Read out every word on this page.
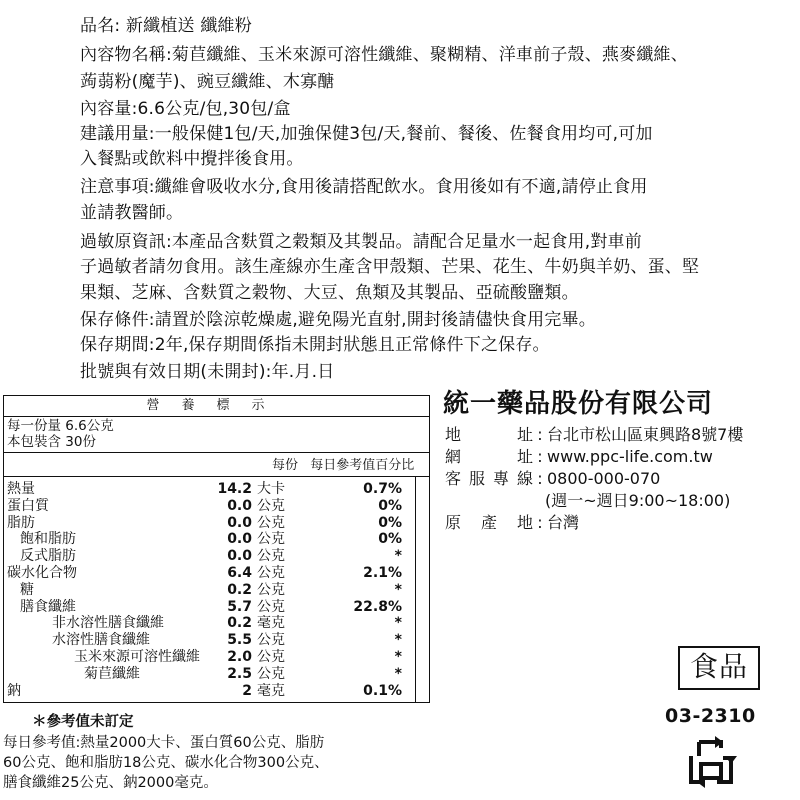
品名: 新纖植送 纖維粉
內容物名稱:菊苣纖維、玉米來源可溶性纖維、聚糊精、洋車前子殼、燕麥纖維、
蒟蒻粉(魔芋)、豌豆纖維、木寡醣
內容量:6.6公克/包,30包/盒
建議用量:一般保健1包/天,加強保健3包/天,餐前、餐後、佐餐食用均可,可加
入餐點或飲料中攪拌後食用。
注意事項:纖維會吸收水分,食用後請搭配飲水。食用後如有不適,請停止食用
並請教醫師。
過敏原資訊:本產品含麩質之穀類及其製品。請配合足量水一起食用,對車前
子過敏者請勿食用。該生產線亦生產含甲殼類、芒果、花生、牛奶與羊奶、蛋、堅
果類、芝麻、含麩質之穀物、大豆、魚類及其製品、亞硫酸鹽類。
保存條件:請置於陰涼乾燥處,避免陽光直射,開封後請儘快食用完畢。
保存期間:2年,保存期間係指未開封狀態且正常條件下之保存。
批號與有效日期(未開封):年.月.日
營養標示
每一份量 6.6公克
本包裝含 30份
每份 每日參考值百分比
熱量	14.2 大卡	0.7%
蛋白質	0.0 公克	0%
脂肪	0.0 公克	0%
飽和脂肪	0.0 公克	0%
反式脂肪	0.0 公克	*
碳水化合物	6.4 公克	2.1%
糖	0.2 公克	*
膳食纖維	5.7 公克	22.8%
非水溶性膳食纖維	0.2 毫克	*
水溶性膳食纖維	5.5 公克	*
玉米來源可溶性纖維 2.0 公克	*
菊苣纖維	2.5 公克	*
鈉	2 毫克	0.1%
＊參考值未訂定
每日參考值:熱量2000大卡、蛋白質60公克、脂肪
60公克、飽和脂肪18公克、碳水化合物300公克、
膳食纖維25公克、鈉2000毫克。
統一藥品股份有限公司
地址 : 台北市松山區東興路8號7樓
網址 : www.ppc-life.com.tw
客服專線 : 0800-000-070
(週一~週日9:00~18:00)
原產地 : 台灣
食品
03-2310
